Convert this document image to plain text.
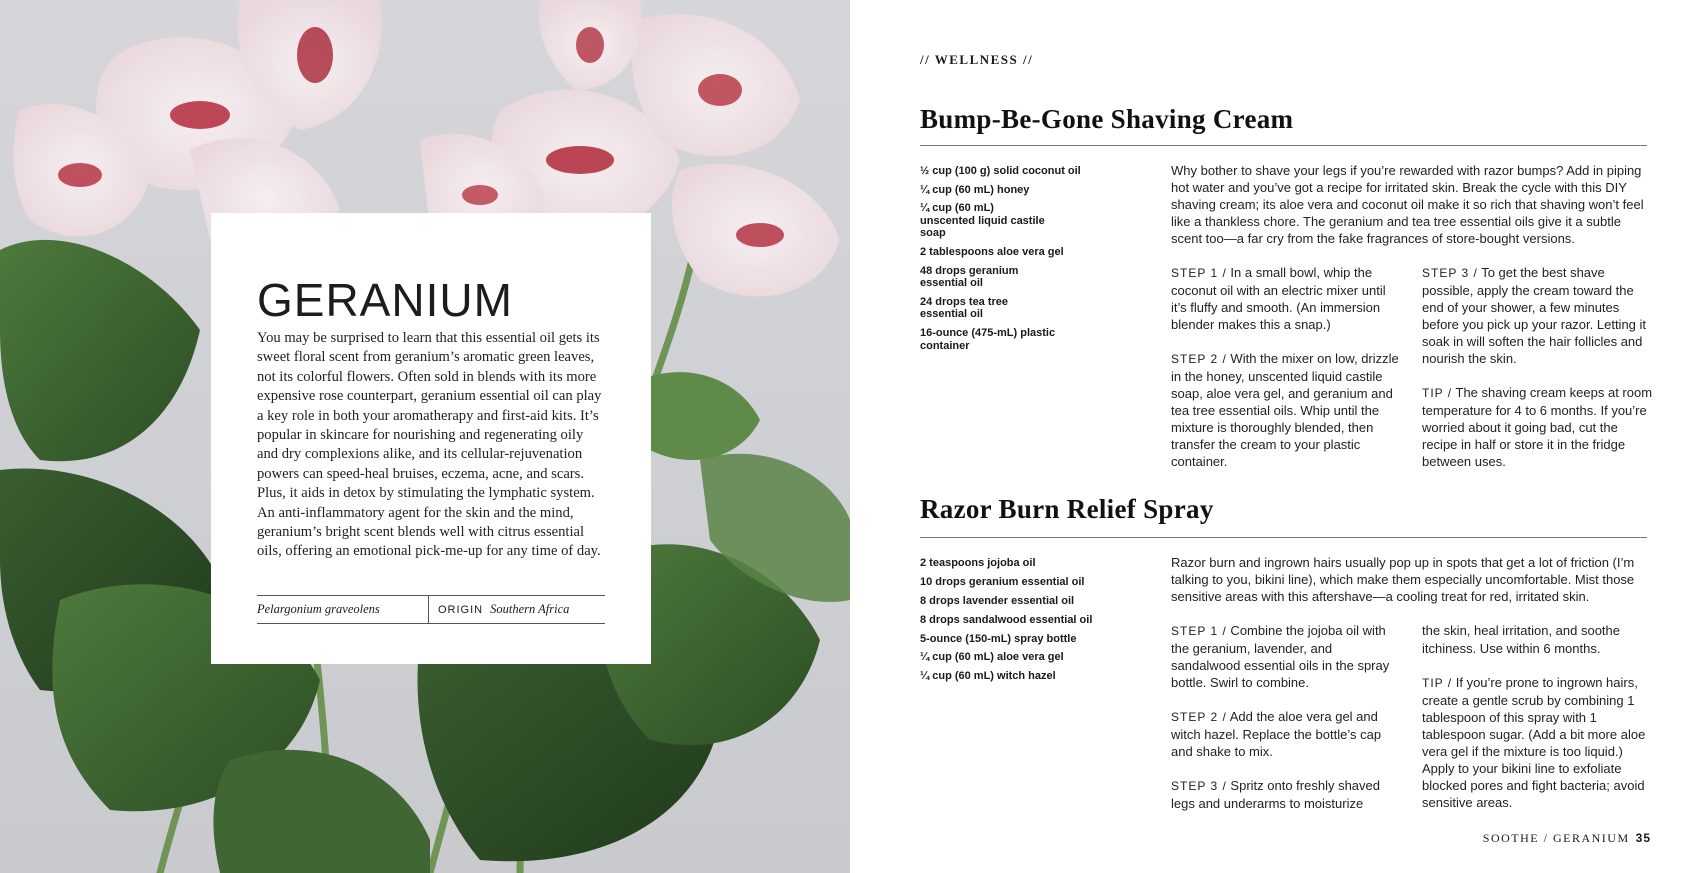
GERANIUM

You may be surprised to learn that this essential oil gets its sweet floral scent from geranium’s aromatic green leaves, not its colorful flowers. Often sold in blends with its more expensive rose counterpart, geranium essential oil can play a key role in both your aromatherapy and first-aid kits. It’s popular in skincare for nourishing and regenerating oily and dry complexions alike, and its cellular-rejuvenation powers can speed-heal bruises, eczema, acne, and scars. Plus, it aids in detox by stimulating the lymphatic system. An anti-inflammatory agent for the skin and the mind, geranium’s bright scent blends well with citrus essential oils, offering an emotional pick-me-up for any time of day.

Pelargonium graveolens	ORIGIN Southern Africa
// WELLNESS //
Bump-Be-Gone Shaving Cream
½ cup (100 g) solid coconut oil
¼ cup (60 mL) honey
¼ cup (60 mL) unscented liquid castile soap
2 tablespoons aloe vera gel
48 drops geranium essential oil
24 drops tea tree essential oil
16-ounce (475-mL) plastic container

Why bother to shave your legs if you’re rewarded with razor bumps? Add in piping hot water and you’ve got a recipe for irritated skin. Break the cycle with this DIY shaving cream; its aloe vera and coconut oil make it so rich that shaving won’t feel like a thankless chore. The geranium and tea tree essential oils give it a subtle scent too—a far cry from the fake fragrances of store-bought versions.

STEP 1 / In a small bowl, whip the coconut oil with an electric mixer until it’s fluffy and smooth. (An immersion blender makes this a snap.)

STEP 2 / With the mixer on low, drizzle in the honey, unscented liquid castile soap, aloe vera gel, and geranium and tea tree essential oils. Whip until the mixture is thoroughly blended, then transfer the cream to your plastic container.

STEP 3 / To get the best shave possible, apply the cream toward the end of your shower, a few minutes before you pick up your razor. Letting it soak in will soften the hair follicles and nourish the skin.

TIP / The shaving cream keeps at room temperature for 4 to 6 months. If you’re worried about it going bad, cut the recipe in half or store it in the fridge between uses.

Razor Burn Relief Spray
2 teaspoons jojoba oil
10 drops geranium essential oil
8 drops lavender essential oil
8 drops sandalwood essential oil
5-ounce (150-mL) spray bottle
¼ cup (60 mL) aloe vera gel
¼ cup (60 mL) witch hazel

Razor burn and ingrown hairs usually pop up in spots that get a lot of friction (I’m talking to you, bikini line), which make them especially uncomfortable. Mist those sensitive areas with this aftershave—a cooling treat for red, irritated skin.

STEP 1 / Combine the jojoba oil with the geranium, lavender, and sandalwood essential oils in the spray bottle. Swirl to combine.

STEP 2 / Add the aloe vera gel and witch hazel. Replace the bottle’s cap and shake to mix.

STEP 3 / Spritz onto freshly shaved legs and underarms to moisturize

the skin, heal irritation, and soothe itchiness. Use within 6 months.

TIP / If you’re prone to ingrown hairs, create a gentle scrub by combining 1 tablespoon of this spray with 1 tablespoon sugar. (Add a bit more aloe vera gel if the mixture is too liquid.) Apply to your bikini line to exfoliate blocked pores and fight bacteria; avoid sensitive areas.

SOOTHE / GERANIUM 35
